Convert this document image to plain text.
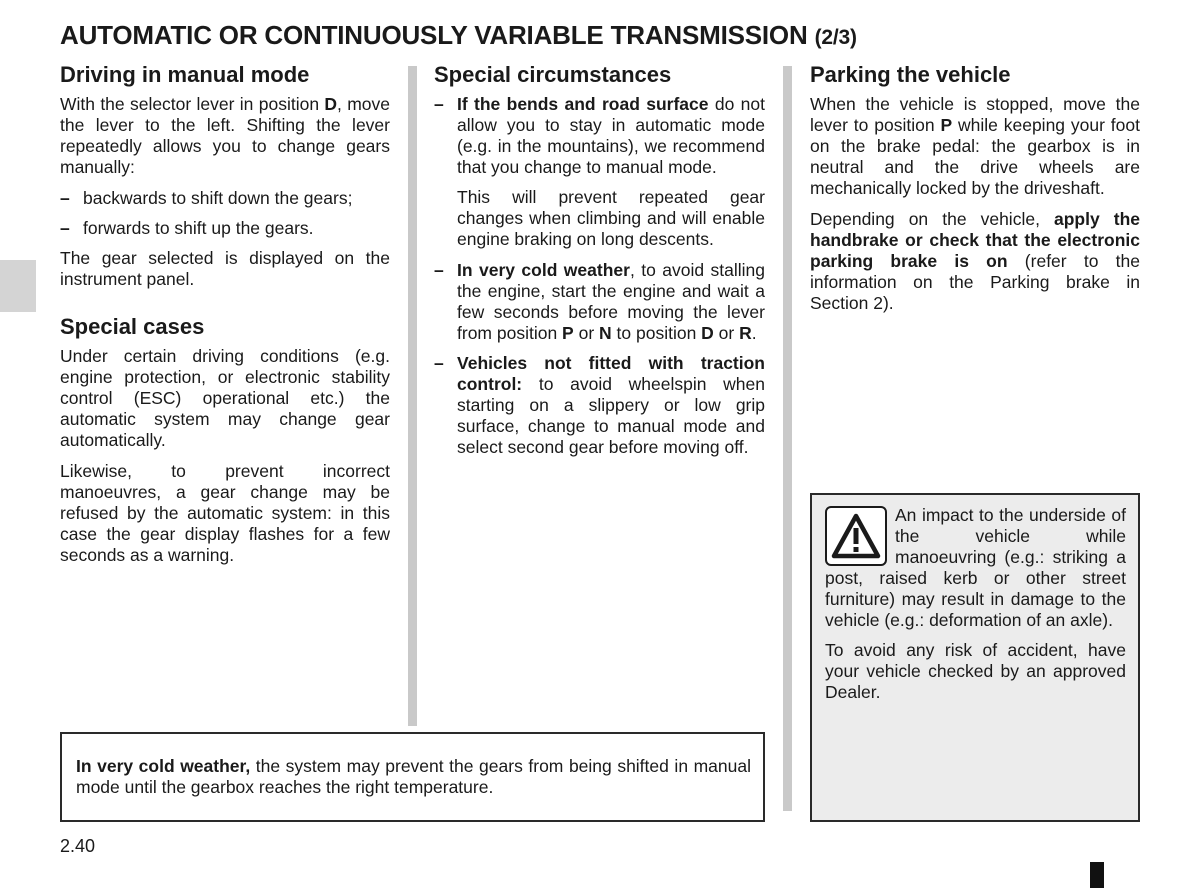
AUTOMATIC OR CONTINUOUSLY VARIABLE TRANSMISSION (2/3)
Driving in manual mode

With the selector lever in position D, move the lever to the left. Shifting the lever repeatedly allows you to change gears manually:

– backwards to shift down the gears;
– forwards to shift up the gears.

The gear selected is displayed on the instrument panel.

Special cases

Under certain driving conditions (e.g. engine protection, or electronic stability control (ESC) operational etc.) the automatic system may change gear automatically.

Likewise, to prevent incorrect manoeuvres, a gear change may be refused by the automatic system: in this case the gear display flashes for a few seconds as a warning.

Special circumstances
– If the bends and road surface do not allow you to stay in automatic mode (e.g. in the mountains), we recommend that you change to manual mode.

This will prevent repeated gear changes when climbing and will enable engine braking on long descents.

– In very cold weather, to avoid stalling the engine, start the engine and wait a few seconds before moving the lever from position P or N to position D or R.
– Vehicles not fitted with traction control: to avoid wheelspin when starting on a slippery or low grip surface, change to manual mode and select second gear before moving off.
Parking the vehicle

When the vehicle is stopped, move the lever to position P while keeping your foot on the brake pedal: the gearbox is in neutral and the drive wheels are mechanically locked by the driveshaft.

Depending on the vehicle, apply the handbrake or check that the electronic parking brake is on (refer to the information on the Parking brake in Section 2).

In very cold weather, the system may prevent the gears from being shifted in manual mode until the gearbox reaches the right temperature.

An impact to the underside of the vehicle while manoeuvring (e.g.: striking a post, raised kerb or other street furniture) may result in damage to the vehicle (e.g.: deformation of an axle).

To avoid any risk of accident, have your vehicle checked by an approved Dealer.

2.40
